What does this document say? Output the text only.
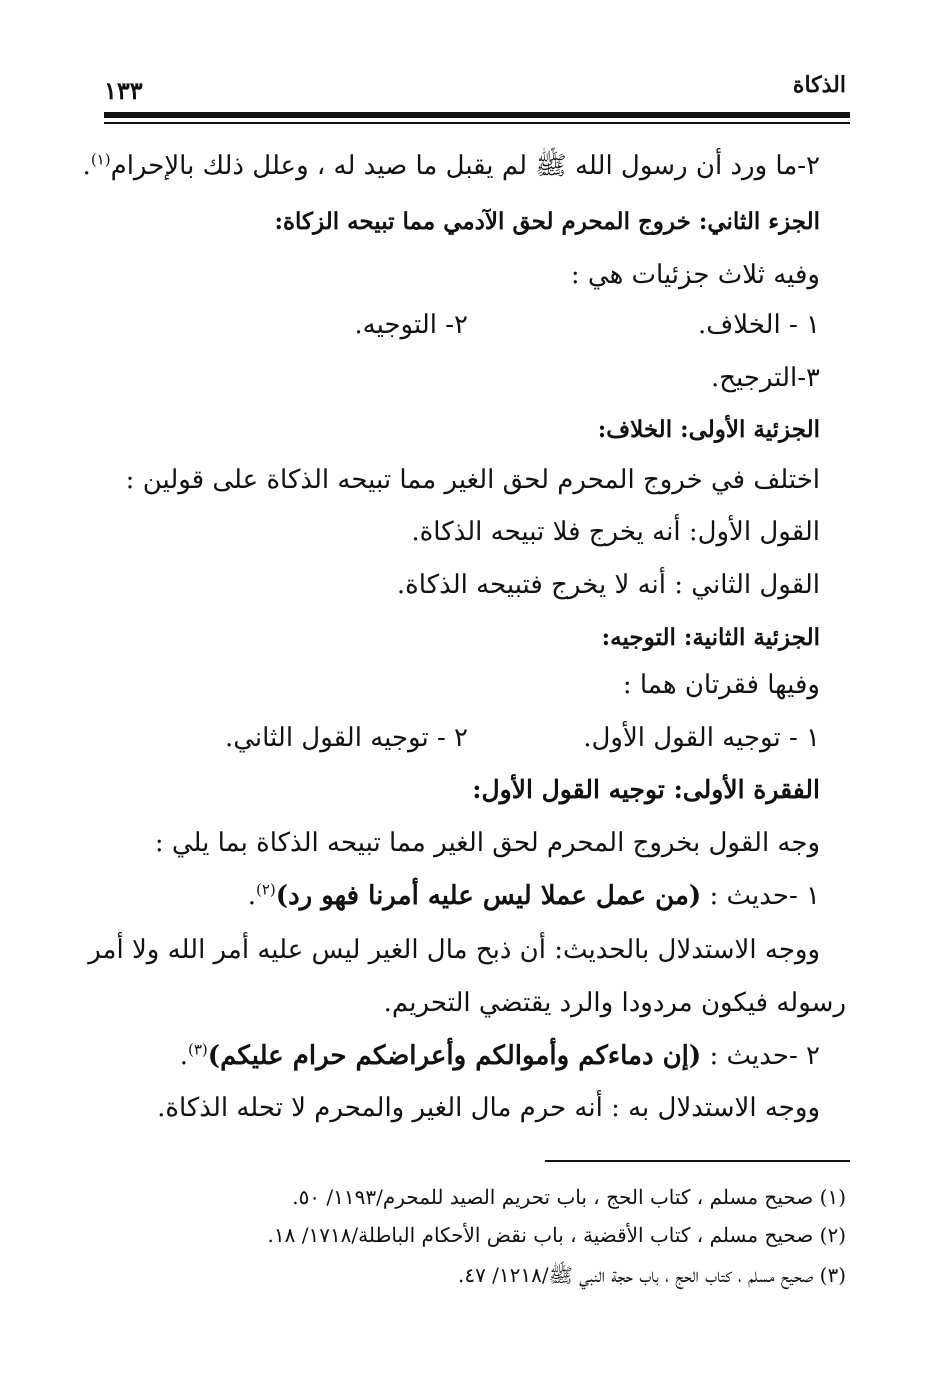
الذكاة
١٣٣
٢-ما ورد أن رسول الله ﷺ لم يقبل ما صيد له ، وعلل ذلك بالإحرام$^{(١)}$.
الجزء الثاني: خروج المحرم لحق الآدمي مما تبيحه الزكاة:
وفيه ثلاث جزئيات هي :
١ - الخلاف.
٢- التوجيه.
٣-الترجيح.
الجزئية الأولى: الخلاف:
اختلف في خروج المحرم لحق الغير مما تبيحه الذكاة على قولين :
القول الأول: أنه يخرج فلا تبيحه الذكاة.
القول الثاني : أنه لا يخرج فتبيحه الذكاة.
الجزئية الثانية: التوجيه:
وفيها فقرتان هما :
١ - توجيه القول الأول.
٢ - توجيه القول الثاني.
الفقرة الأولى: توجيه القول الأول:
وجه القول بخروج المحرم لحق الغير مما تبيحه الذكاة بما يلي :
١ -حديث : (من عمل عملا ليس عليه أمرنا فهو رد)$^{(٢)}$.
ووجه الاستدلال بالحديث: أن ذبح مال الغير ليس عليه أمر الله ولا أمر
رسوله فيكون مردودا والرد يقتضي التحريم.
٢ -حديث : (إن دماءكم وأموالكم وأعراضكم حرام عليكم)$^{(٣)}$.
ووجه الاستدلال به : أنه حرم مال الغير والمحرم لا تحله الذكاة.
(١) صحيح مسلم ، كتاب الحج ، باب تحريم الصيد للمحرم/١١٩٣/ ٥٠.
(٢) صحيح مسلم ، كتاب الأقضية ، باب نقض الأحكام الباطلة/١٧١٨/ ١٨.
(٣) صحيح مسلم ، كتاب الحج ، باب حجة النبي ﷺ/١٢١٨/ ٤٧.
